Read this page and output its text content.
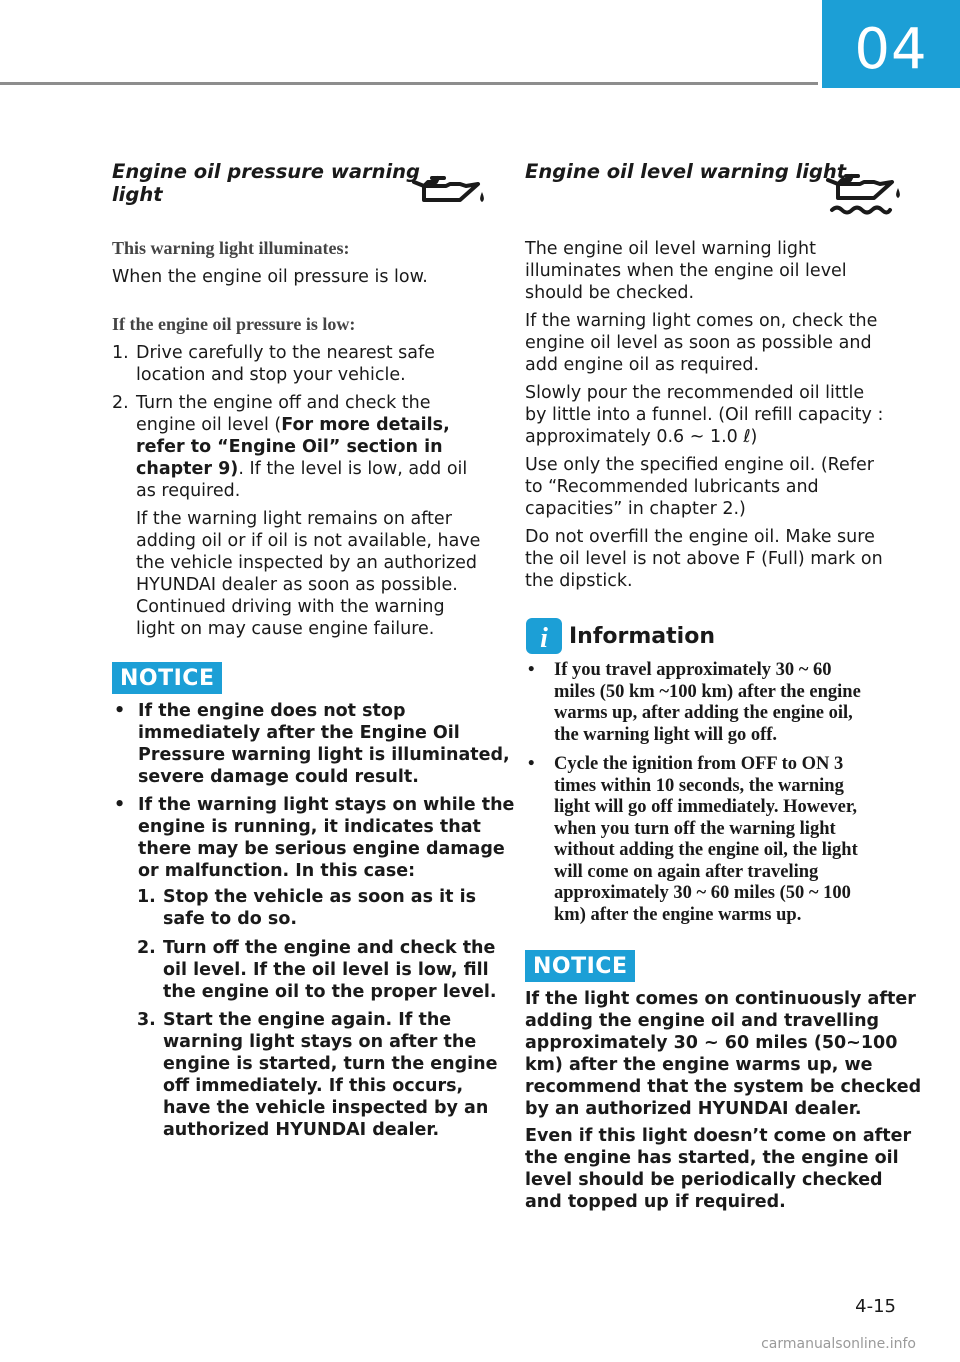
04
Engine oil pressure warning
light
This warning light illuminates:
When the engine oil pressure is low.
If the engine oil pressure is low:
1. Drive carefully to the nearest safe
location and stop your vehicle.
2. Turn the engine off and check the
engine oil level (For more details,
refer to “Engine Oil” section in
chapter 9). If the level is low, add oil
as required.
If the warning light remains on after
adding oil or if oil is not available, have
the vehicle inspected by an authorized
HYUNDAI dealer as soon as possible.
Continued driving with the warning
light on may cause engine failure.
NOTICE
• If the engine does not stop
immediately after the Engine Oil
Pressure warning light is illuminated,
severe damage could result.
• If the warning light stays on while the
engine is running, it indicates that
there may be serious engine damage
or malfunction. In this case:
1. Stop the vehicle as soon as it is
safe to do so.
2. Turn off the engine and check the
oil level. If the oil level is low, fill
the engine oil to the proper level.
3. Start the engine again. If the
warning light stays on after the
engine is started, turn the engine
off immediately. If this occurs,
have the vehicle inspected by an
authorized HYUNDAI dealer.
Engine oil level warning light
The engine oil level warning light
illuminates when the engine oil level
should be checked.
If the warning light comes on, check the
engine oil level as soon as possible and
add engine oil as required.
Slowly pour the recommended oil little
by little into a funnel. (Oil refill capacity :
approximately 0.6 ~ 1.0 ℓ)
Use only the specified engine oil. (Refer
to “Recommended lubricants and
capacities” in chapter 2.)
Do not overfill the engine oil. Make sure
the oil level is not above F (Full) mark on
the dipstick.
i Information
• If you travel approximately 30 ~ 60
miles (50 km ~100 km) after the engine
warms up, after adding the engine oil,
the warning light will go off.
• Cycle the ignition from OFF to ON 3
times within 10 seconds, the warning
light will go off immediately. However,
when you turn off the warning light
without adding the engine oil, the light
will come on again after traveling
approximately 30 ~ 60 miles (50 ~ 100
km) after the engine warms up.
NOTICE
If the light comes on continuously after
adding the engine oil and travelling
approximately 30 ~ 60 miles (50~100
km) after the engine warms up, we
recommend that the system be checked
by an authorized HYUNDAI dealer.
Even if this light doesn’t come on after
the engine has started, the engine oil
level should be periodically checked
and topped up if required.
4-15
carmanualsonline.info
